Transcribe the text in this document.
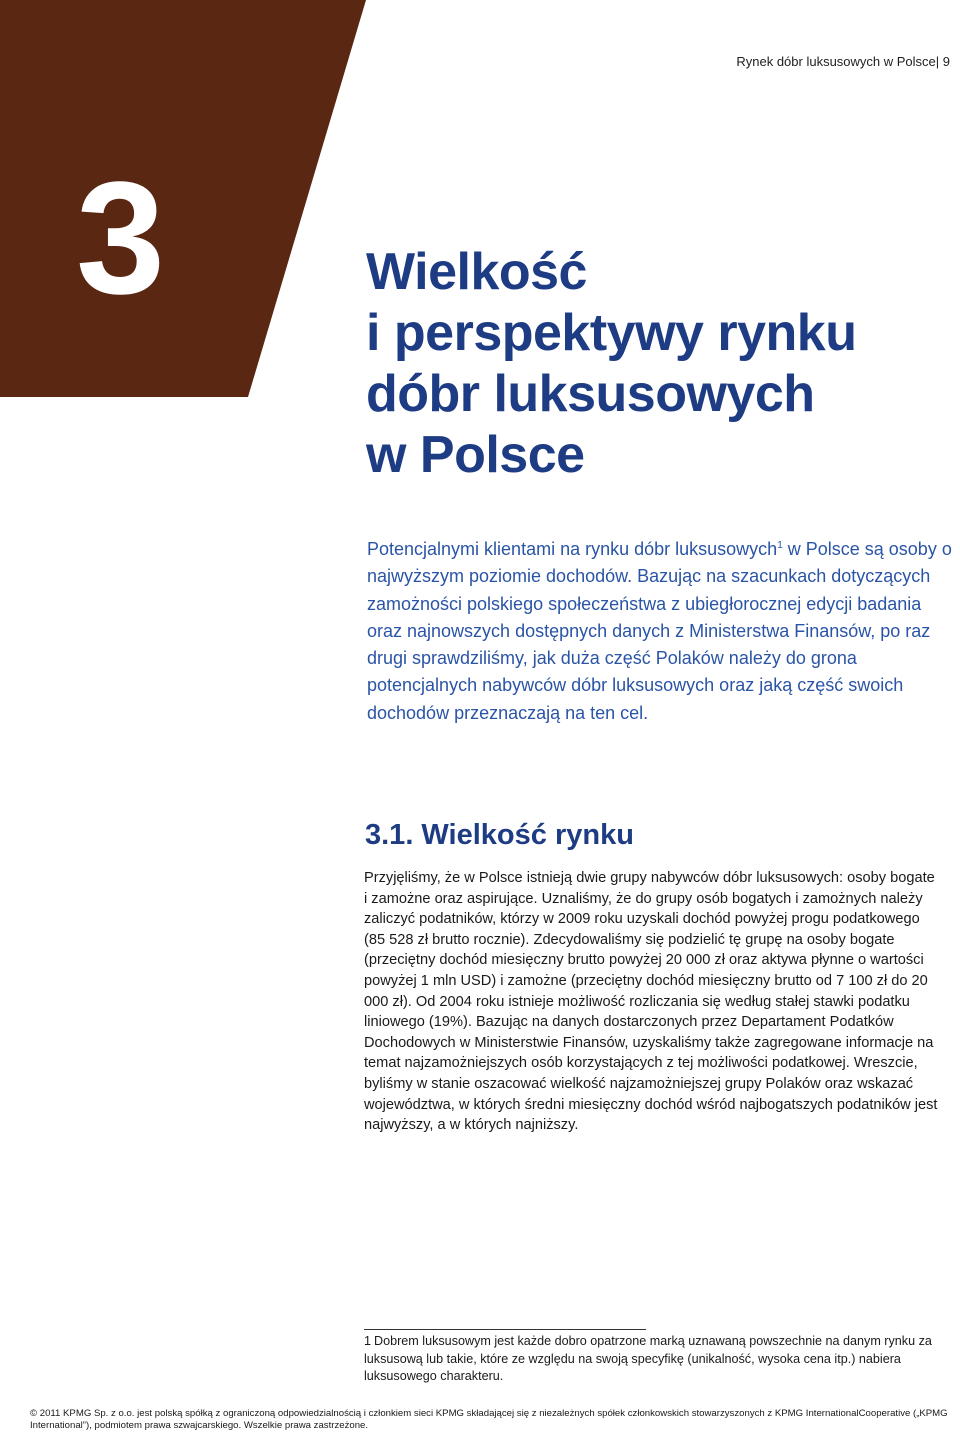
3
Rynek dóbr luksusowych w Polsce| 9
Wielkość
i perspektywy rynku
dóbr luksusowych
w Polsce

Potencjalnymi klientami na rynku dóbr luksusowych$^1$ w Polsce są osoby o najwyższym poziomie dochodów. Bazując na szacunkach dotyczących zamożności polskiego społeczeństwa z ubiegłorocznej edycji badania oraz najnowszych dostępnych danych z Ministerstwa Finansów, po raz drugi sprawdziliśmy, jak duża część Polaków należy do grona potencjalnych nabywców dóbr luksusowych oraz jaką część swoich dochodów przeznaczają na ten cel.

3.1. Wielkość rynku

Przyjęliśmy, że w Polsce istnieją dwie grupy nabywców dóbr luksusowych: osoby bogate i zamożne oraz aspirujące. Uznaliśmy, że do grupy osób bogatych i zamożnych należy zaliczyć podatników, którzy w 2009 roku uzyskali dochód powyżej progu podatkowego (85 528 zł brutto rocznie). Zdecydowaliśmy się podzielić tę grupę na osoby bogate (przeciętny dochód miesięczny brutto powyżej 20 000 zł oraz aktywa płynne o wartości powyżej 1 mln USD) i zamożne (przeciętny dochód miesięczny brutto od 7 100 zł do 20 000 zł). Od 2004 roku istnieje możliwość rozliczania się według stałej stawki podatku liniowego (19%). Bazując na danych dostarczonych przez Departament Podatków Dochodowych w Ministerstwie Finansów, uzyskaliśmy także zagregowane informacje na temat najzamożniejszych osób korzystających z tej możliwości podatkowej. Wreszcie, byliśmy w stanie oszacować wielkość najzamożniejszej grupy Polaków oraz wskazać województwa, w których średni miesięczny dochód wśród najbogatszych podatników jest najwyższy, a w których najniższy.

1 Dobrem luksusowym jest każde dobro opatrzone marką uznawaną powszechnie na danym rynku za luksusową lub takie, które ze względu na swoją specyfikę (unikalność, wysoka cena itp.) nabiera luksusowego charakteru.

© 2011 KPMG Sp. z o.o. jest polską spółką z ograniczoną odpowiedzialnością i członkiem sieci KPMG składającej się z niezależnych spółek członkowskich stowarzyszonych z KPMG InternationalCooperative („KPMG International”), podmiotem prawa szwajcarskiego. Wszelkie prawa zastrzeżone.
